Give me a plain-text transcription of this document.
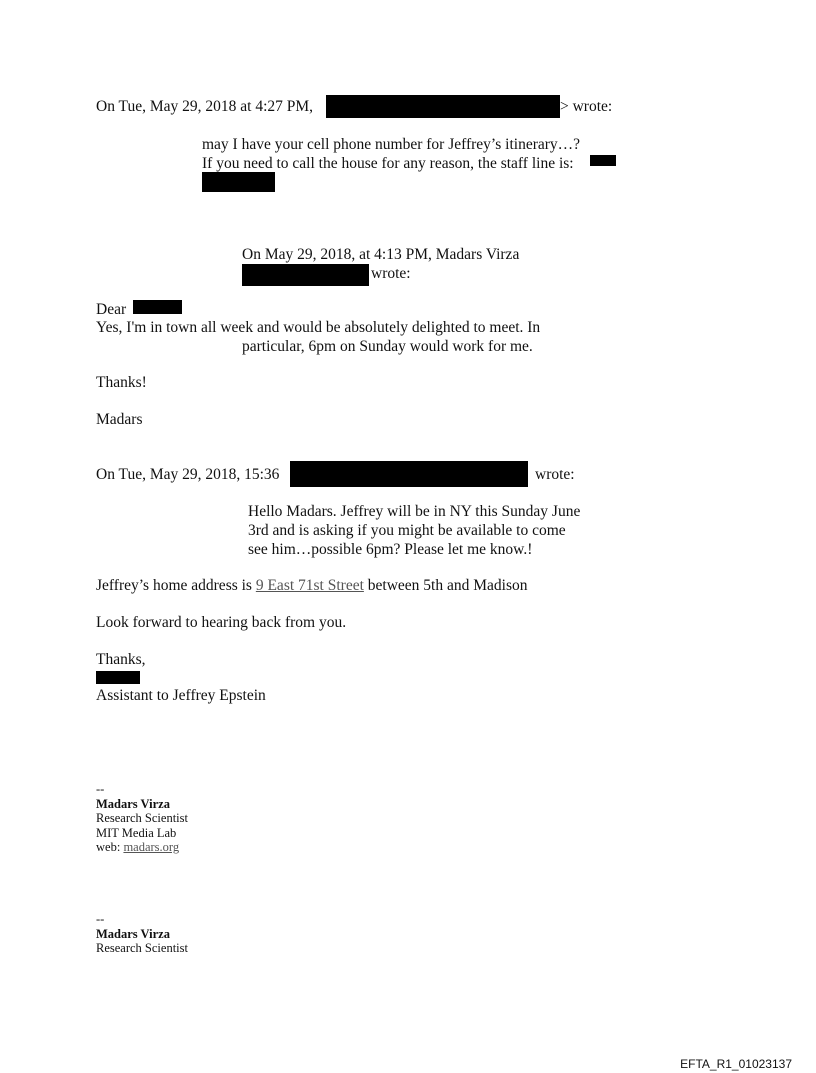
On Tue, May 29, 2018 at 4:27 PM,	> wrote:
may I have your cell phone number for Jeffrey’s itinerary…?
If you need to call the house for any reason, the staff line is:
On May 29, 2018, at 4:13 PM, Madars Virza
wrote:
Dear
Yes, I'm in town all week and would be absolutely delighted to meet. In
particular, 6pm on Sunday would work for me.
Thanks!
Madars
On Tue, May 29, 2018, 15:36	wrote:
Hello Madars. Jeffrey will be in NY this Sunday June
3rd and is asking if you might be available to come
see him…possible 6pm? Please let me know.!
Jeffrey’s home address is 9 East 71st Street between 5th and Madison
Look forward to hearing back from you.
Thanks,
Assistant to Jeffrey Epstein
--
Madars Virza
Research Scientist
MIT Media Lab
web: madars.org
--
Madars Virza
Research Scientist
EFTA_R1_01023137
